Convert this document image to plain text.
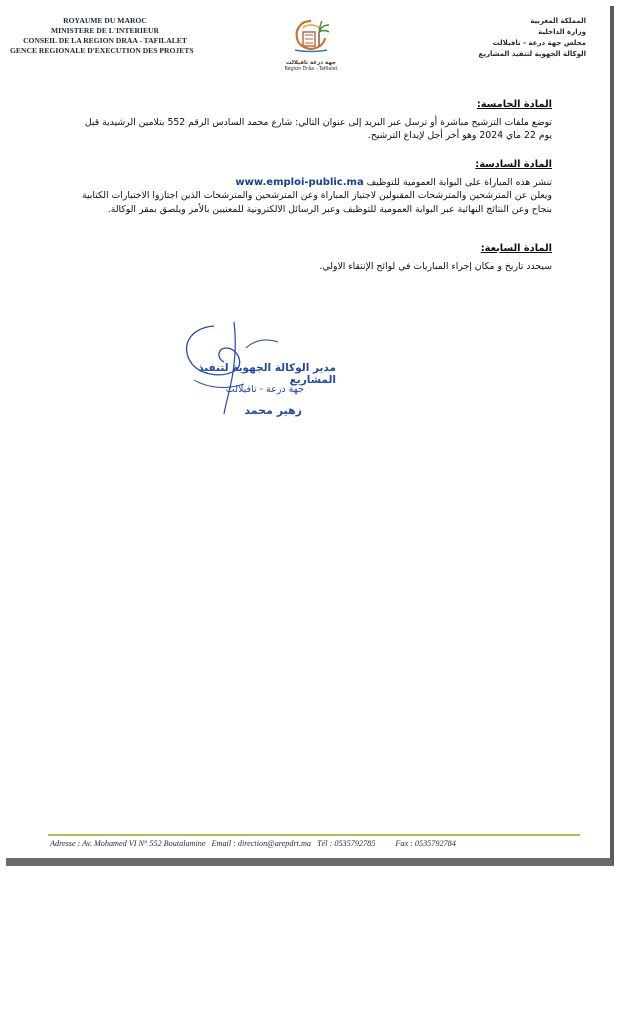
ROYAUME DU MAROC
MINISTERE DE L'INTERIEUR
CONSEIL DE LA REGION DRAA - TAFILALET
GENCE REGIONALE D'EXECUTION DES PROJETS
جهة درعة تافيلالت
Région Drâa - Tafilalet
المملكة المغربية
وزارة الداخلية
مجلس جهة درعة - تافيلالت
الوكالة الجهوية لتنفيذ المشاريع
المادة الخامسة:
توضع ملفات الترشيح مباشرة أو ترسل عبر البريد إلى عنوان التالي: شارع محمد السادس الرقم 552 بتلامين الرشيدية قبل
يوم 22 ماي 2024 وهو أخر أجل لإيداع الترشيح.
المادة السادسة:
تنشر هذه المباراة على البوابة العمومية للتوظيف www.emploi-public.ma
ويعلن عن المترشحين والمترشحات المقبولين لاجتياز المباراة وعن المترشحين والمترشحات الذين اجتازوا الاختبارات الكتابية
بنجاح وعن النتائج النهائية عبر البوابة العمومية للتوظيف وعبر الرسائل الالكترونية للمعنيين بالأمر ويلصق بمقر الوكالة.
المادة السابعة:
سيحدد تاريخ و مكان إجراء المباريات في لوائح الإنتقاء الاولي.
مدير الوكالة الجهوية لتنفيذ المشاريع
جهة درعة - تافيلالت
زهير محمد
Adresse : Av. Mohamed VI N° 552 Boutalamine Email : direction@arepdrt.ma Tél : 0535792785 Fax : 0535792784
